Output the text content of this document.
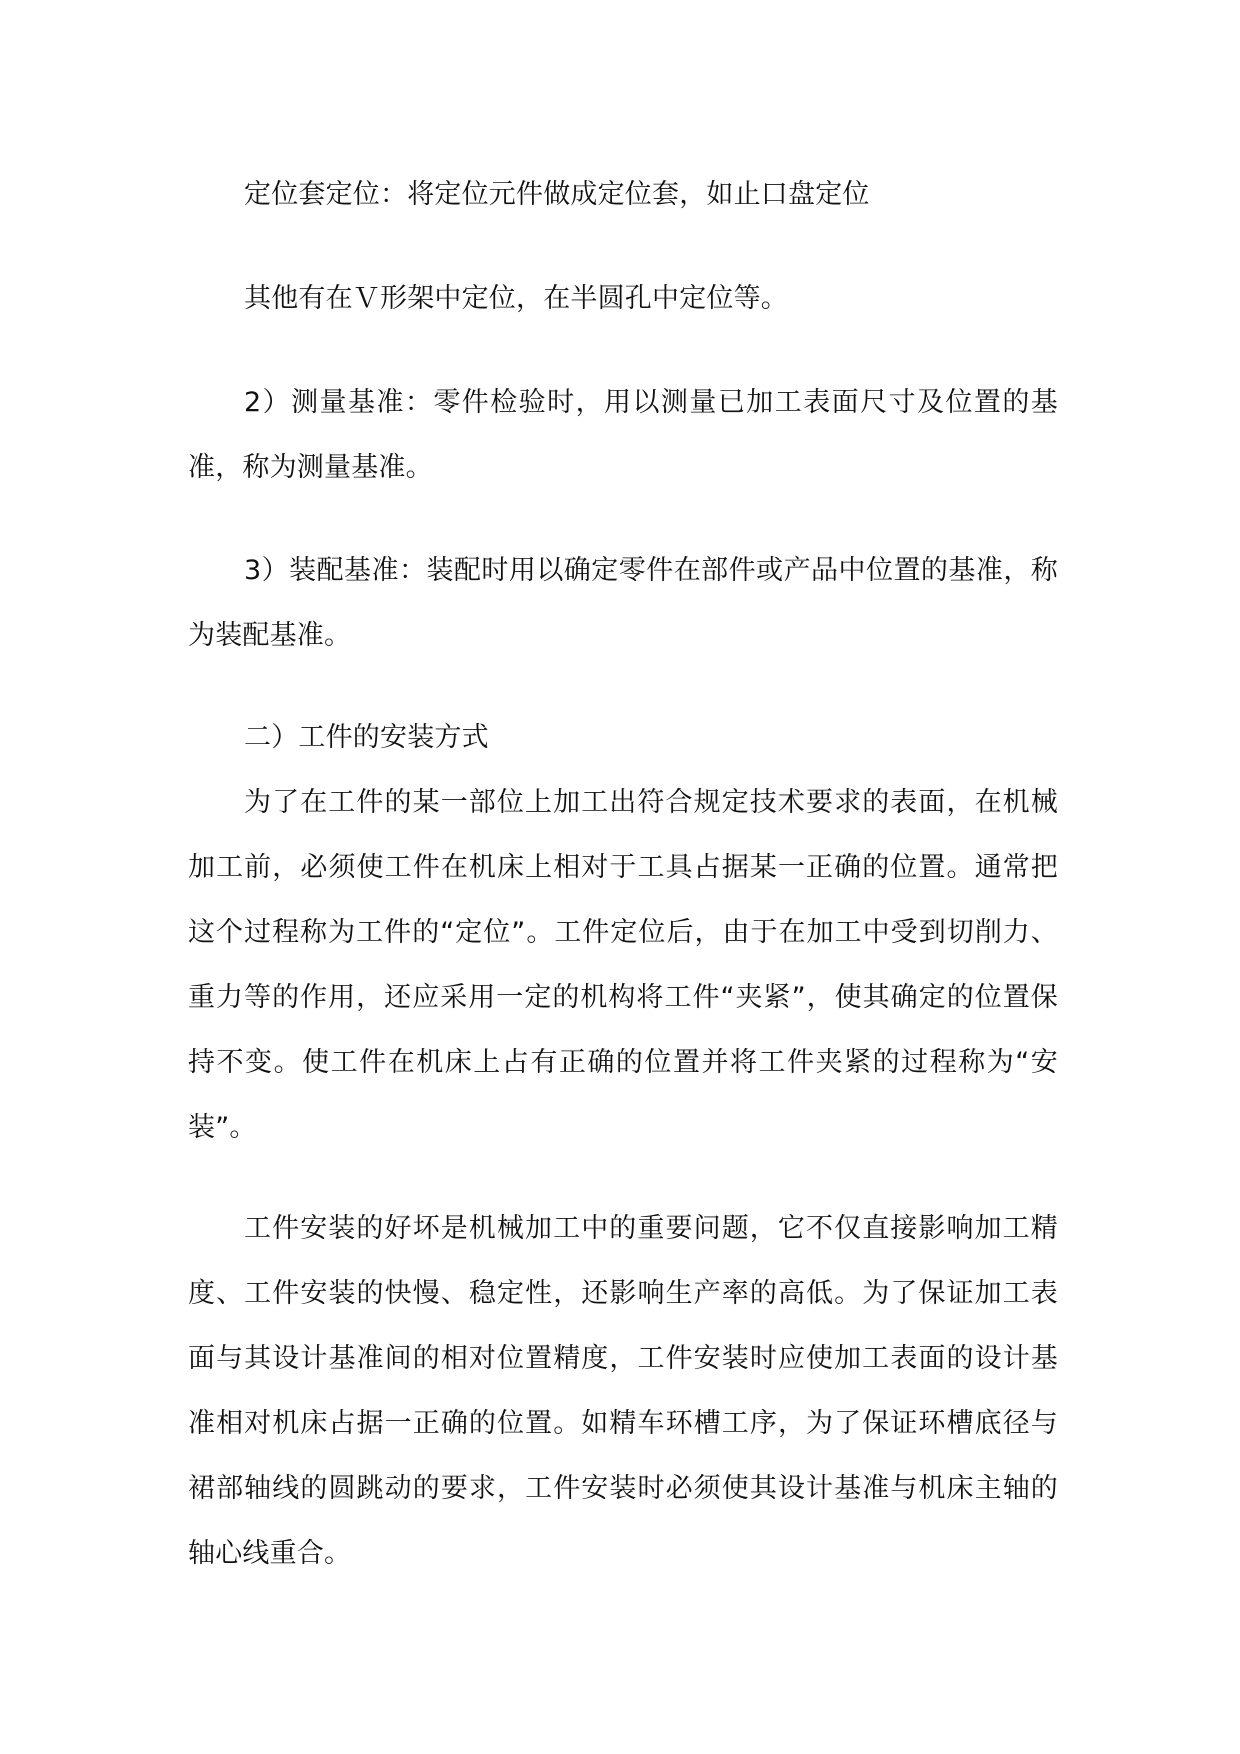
定位套定位：将定位元件做成定位套，如止口盘定位

其他有在Ｖ形架中定位，在半圆孔中定位等。

2）测量基准：零件检验时，用以测量已加工表面尺寸及位置的基准，称为测量基准。

3）装配基准：装配时用以确定零件在部件或产品中位置的基准，称为装配基准。

二）工件的安装方式

为了在工件的某一部位上加工出符合规定技术要求的表面，在机械加工前，必须使工件在机床上相对于工具占据某一正确的位置。通常把这个过程称为工件的“定位”。工件定位后，由于在加工中受到切削力、重力等的作用，还应采用一定的机构将工件“夹紧”，使其确定的位置保持不变。使工件在机床上占有正确的位置并将工件夹紧的过程称为“安装”。

工件安装的好坏是机械加工中的重要问题，它不仅直接影响加工精度、工件安装的快慢、稳定性，还影响生产率的高低。为了保证加工表面与其设计基准间的相对位置精度，工件安装时应使加工表面的设计基准相对机床占据一正确的位置。如精车环槽工序，为了保证环槽底径与裙部轴线的圆跳动的要求，工件安装时必须使其设计基准与机床主轴的轴心线重合。
